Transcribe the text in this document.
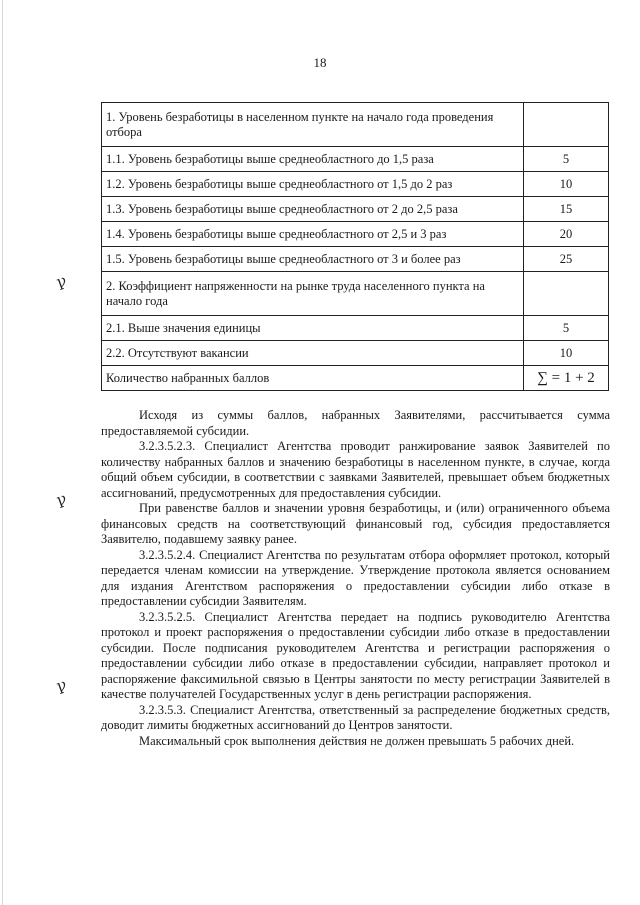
18
ꝩ
ꝩ
ꝩ
1. Уровень безработицы в населенном пункте на начало года проведения отбора	
1.1. Уровень безработицы выше среднеобластного до 1,5 раза	5
1.2. Уровень безработицы выше среднеобластного от 1,5 до 2 раз	10
1.3. Уровень безработицы выше среднеобластного от 2 до 2,5 раза	15
1.4. Уровень безработицы выше среднеобластного от 2,5 и 3 раз	20
1.5. Уровень безработицы выше среднеобластного от 3 и более раз	25
2. Коэффициент напряженности на рынке труда населенного пункта на начало года	
2.1. Выше значения единицы	5
2.2. Отсутствуют вакансии	10
Количество набранных баллов	∑ = 1 + 2

Исходя из суммы баллов, набранных Заявителями, рассчитывается сумма предоставляемой субсидии.

3.2.3.5.2.3. Специалист Агентства проводит ранжирование заявок Заявителей по количеству набранных баллов и значению безработицы в населенном пункте, в случае, когда общий объем субсидии, в соответствии с заявками Заявителей, превышает объем бюджетных ассигнований, предусмотренных для предоставления субсидии.

При равенстве баллов и значении уровня безработицы, и (или) ограниченного объема финансовых средств на соответствующий финансовый год, субсидия предоставляется Заявителю, подавшему заявку ранее.

3.2.3.5.2.4. Специалист Агентства по результатам отбора оформляет протокол, который передается членам комиссии на утверждение. Утверждение протокола является основанием для издания Агентством распоряжения о предоставлении субсидии либо отказе в предоставлении субсидии Заявителям.

3.2.3.5.2.5. Специалист Агентства передает на подпись руководителю Агентства протокол и проект распоряжения о предоставлении субсидии либо отказе в предоставлении субсидии. После подписания руководителем Агентства и регистрации распоряжения о предоставлении субсидии либо отказе в предоставлении субсидии, направляет протокол и распоряжение факсимильной связью в Центры занятости по месту регистрации Заявителей в качестве получателей Государственных услуг в день регистрации распоряжения.

3.2.3.5.3. Специалист Агентства, ответственный за распределение бюджетных средств, доводит лимиты бюджетных ассигнований до Центров занятости.

Максимальный срок выполнения действия не должен превышать 5 рабочих дней.
